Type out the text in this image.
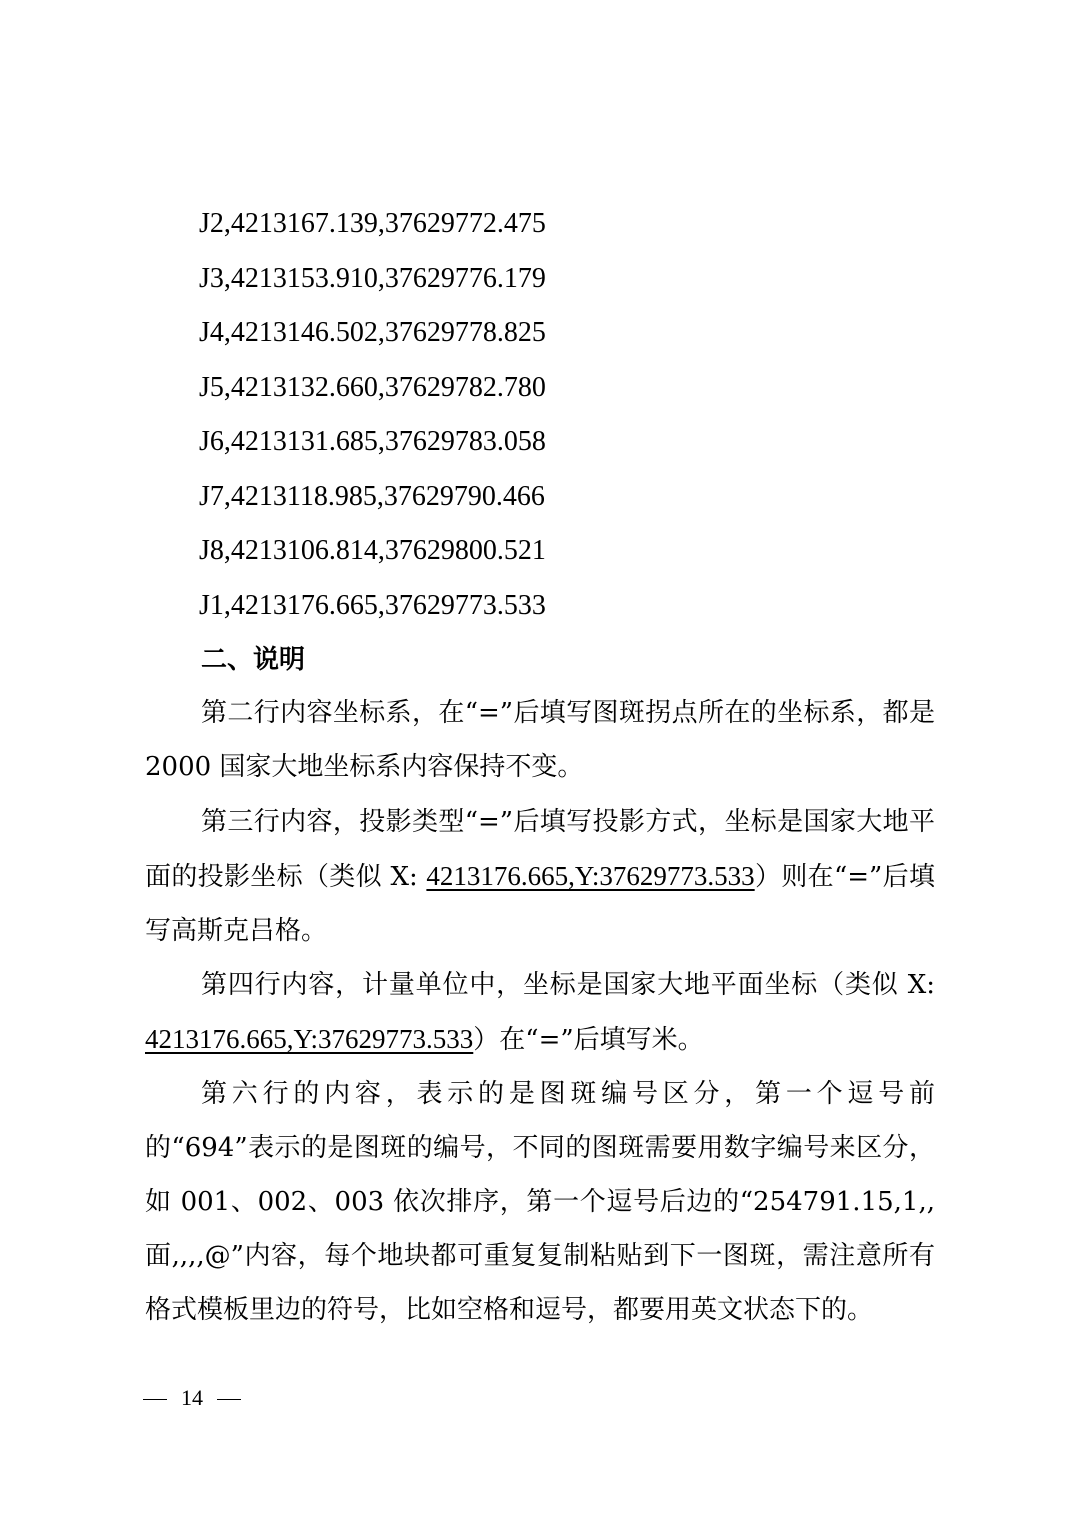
J2,4213167.139,37629772.475
J3,4213153.910,37629776.179
J4,4213146.502,37629778.825
J5,4213132.660,37629782.780
J6,4213131.685,37629783.058
J7,4213118.985,37629790.466
J8,4213106.814,37629800.521
J1,4213176.665,37629773.533
二、说明

第二行内容坐标系，在“=”后填写图斑拐点所在的坐标系，都是 2000 国家大地坐标系内容保持不变。

第三行内容，投影类型“=”后填写投影方式，坐标是国家大地平面的投影坐标（类似 X: 4213176.665,Y:37629773.533）则在“=”后填写高斯克吕格。

第四行内容，计量单位中，坐标是国家大地平面坐标（类似 X: 4213176.665,Y:37629773.533）在“=”后填写米。

第六行的内容，表示的是图斑编号区分，第一个逗号前的“694”表示的是图斑的编号，不同的图斑需要用数字编号来区分，如 001、002、003 依次排序，第一个逗号后边的“254791.15,1,,面,,,,@”内容，每个地块都可重复复制粘贴到下一图斑，需注意所有格式模板里边的符号，比如空格和逗号，都要用英文状态下的。

14
